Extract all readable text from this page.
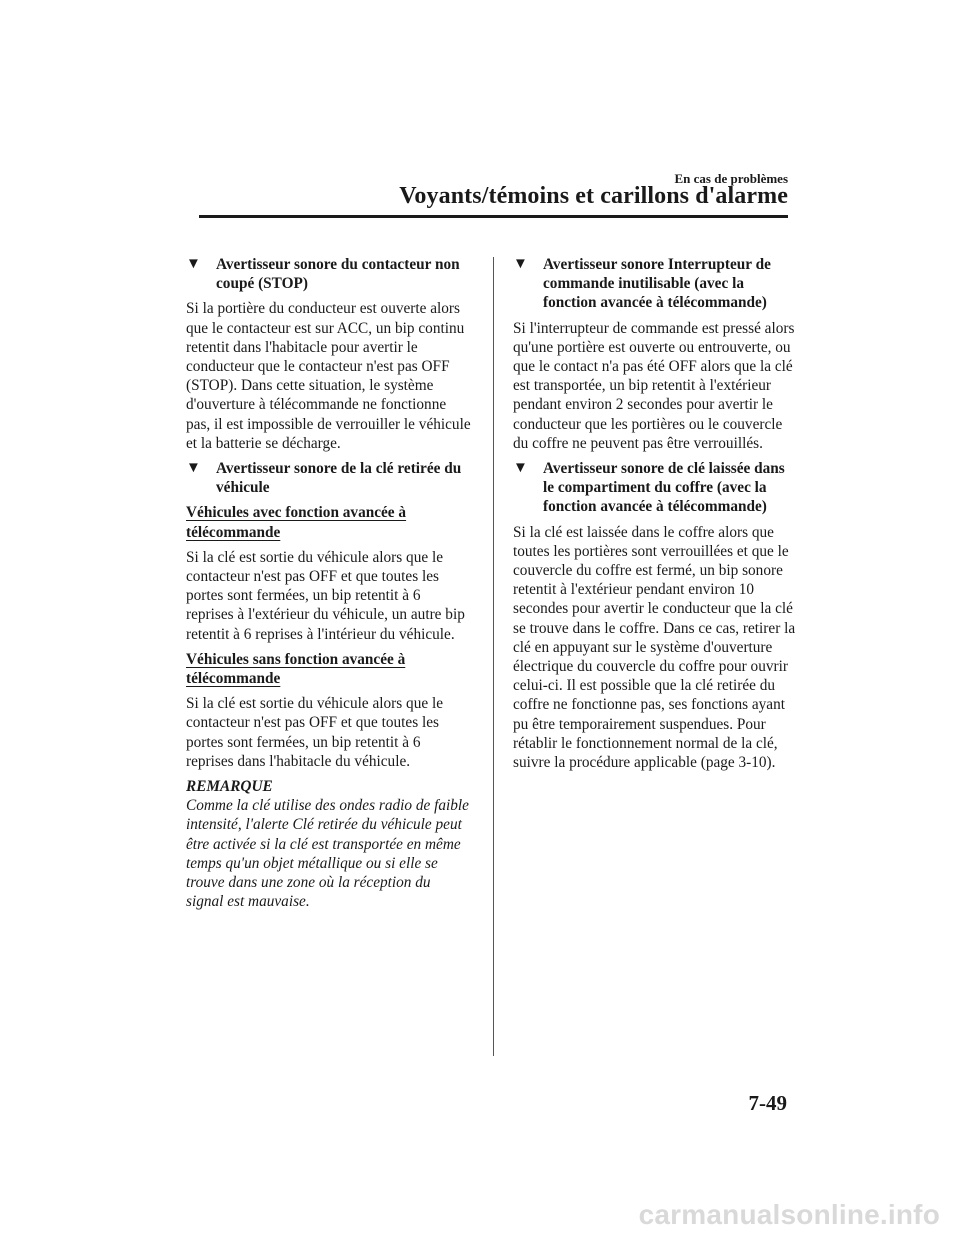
En cas de problèmes
Voyants/témoins et carillons d'alarme
▼ Avertisseur sonore du contacteur non coupé (STOP)

Si la portière du conducteur est ouverte alors que le contacteur est sur ACC, un bip continu retentit dans l'habitacle pour avertir le conducteur que le contacteur n'est pas OFF (STOP). Dans cette situation, le système d'ouverture à télécommande ne fonctionne pas, il est impossible de verrouiller le véhicule et la batterie se décharge.

▼ Avertisseur sonore de la clé retirée du véhicule
Véhicules avec fonction avancée à télécommande

Si la clé est sortie du véhicule alors que le contacteur n'est pas OFF et que toutes les portes sont fermées, un bip retentit à 6 reprises à l'extérieur du véhicule, un autre bip retentit à 6 reprises à l'intérieur du véhicule.

Véhicules sans fonction avancée à télécommande

Si la clé est sortie du véhicule alors que le contacteur n'est pas OFF et que toutes les portes sont fermées, un bip retentit à 6 reprises dans l'habitacle du véhicule.

REMARQUE

Comme la clé utilise des ondes radio de faible intensité, l'alerte Clé retirée du véhicule peut être activée si la clé est transportée en même temps qu'un objet métallique ou si elle se trouve dans une zone où la réception du signal est mauvaise.

▼ Avertisseur sonore Interrupteur de commande inutilisable (avec la fonction avancée à télécommande)

Si l'interrupteur de commande est pressé alors qu'une portière est ouverte ou entrouverte, ou que le contact n'a pas été OFF alors que la clé est transportée, un bip retentit à l'extérieur pendant environ 2 secondes pour avertir le conducteur que les portières ou le couvercle du coffre ne peuvent pas être verrouillés.

▼ Avertisseur sonore de clé laissée dans le compartiment du coffre (avec la fonction avancée à télécommande)

Si la clé est laissée dans le coffre alors que toutes les portières sont verrouillées et que le couvercle du coffre est fermé, un bip sonore retentit à l'extérieur pendant environ 10 secondes pour avertir le conducteur que la clé se trouve dans le coffre. Dans ce cas, retirer la clé en appuyant sur le système d'ouverture électrique du couvercle du coffre pour ouvrir celui-ci. Il est possible que la clé retirée du coffre ne fonctionne pas, ses fonctions ayant pu être temporairement suspendues. Pour rétablir le fonctionnement normal de la clé, suivre la procédure applicable (page 3-10).

7-49
carmanualsonline.info
